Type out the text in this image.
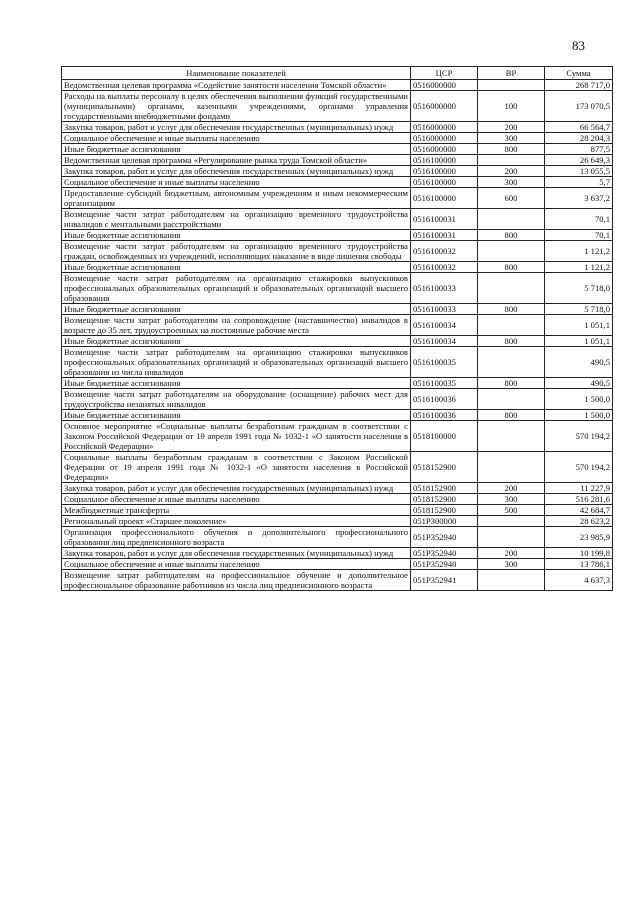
83
Наименование показателей	ЦСР	ВР	Сумма
Ведомственная целевая программа «Содействие занятости населения Томской области»	0516000000		268 717,0
Расходы на выплаты персоналу в целях обеспечения выполнения функций государственными (муниципальными) органами, казенными учреждениями, органами управления государственными внебюджетными фондами	0516000000	100	173 070,5
Закупка товаров, работ и услуг для обеспечения государственных (муниципальных) нужд	0516000000	200	66 564,7
Социальное обеспечение и иные выплаты населению	0516000000	300	28 204,3
Иные бюджетные ассигнования	0516000000	800	877,5
Ведомственная целевая программа «Регулирование рынка труда Томской области»	0516100000		26 649,3
Закупка товаров, работ и услуг для обеспечения государственных (муниципальных) нужд	0516100000	200	13 055,5
Социальное обеспечение и иные выплаты населению	0516100000	300	5,7
Предоставление субсидий бюджетным, автономным учреждениям и иным некоммерческим организациям	0516100000	600	3 637,2
Возмещение части затрат работодателям на организацию временного трудоустройства инвалидов с ментальными расстройствами	0516100031		70,1
Иные бюджетные ассигнования	0516100031	800	70,1
Возмещение части затрат работодателям на организацию временного трудоустройства граждан, освобожденных из учреждений, исполняющих наказание в виде лишения свободы	0516100032		1 121,2
Иные бюджетные ассигнования	0516100032	800	1 121,2
Возмещение части затрат работодателям на организацию стажировки выпускников профессиональных образовательных организаций и образовательных организаций высшего образования	0516100033		5 718,0
Иные бюджетные ассигнования	0516100033	800	5 718,0
Возмещение части затрат работодателям на сопровождение (наставничество) инвалидов в возрасте до 35 лет, трудоустроенных на постоянные рабочие места	0516100034		1 051,1
Иные бюджетные ассигнования	0516100034	800	1 051,1
Возмещение части затрат работодателям на организацию стажировки выпускников профессиональных образовательных организаций и образовательных организаций высшего образования из числа инвалидов	0516100035		490,5
Иные бюджетные ассигнования	0516100035	800	490,5
Возмещение части затрат работодателям на оборудование (оснащение) рабочих мест для трудоустройства незанятых инвалидов	0516100036		1 500,0
Иные бюджетные ассигнования	0516100036	800	1 500,0
Основное мероприятие «Социальные выплаты безработным гражданам в соответствии с Законом Российской Федерации от 19 апреля 1991 года № 1032-1 «О занятости населения в Российской Федерации»	0518100000		570 194,2
Социальные выплаты безработным гражданам в соответствии с Законом Российской Федерации от 19 апреля 1991 года № 1032-1 «О занятости населения в Российской Федерации»	0518152900		570 194,2
Закупка товаров, работ и услуг для обеспечения государственных (муниципальных) нужд	0518152900	200	11 227,9
Социальное обеспечение и иные выплаты населению	0518152900	300	516 281,6
Межбюджетные трансферты	0518152900	500	42 684,7
Региональный проект «Старшее поколение»	051P300000		28 623,2
Организация профессионального обучения и дополнительного профессионального образования лиц предпенсионного возраста	051P352940		23 985,9
Закупка товаров, работ и услуг для обеспечения государственных (муниципальных) нужд	051P352940	200	10 199,8
Социальное обеспечение и иные выплаты населению	051P352940	300	13 786,1
Возмещение затрат работодателям на профессиональное обучение и дополнительное профессиональное образование работников из числа лиц предпенсионного возраста	051P352941		4 637,3
